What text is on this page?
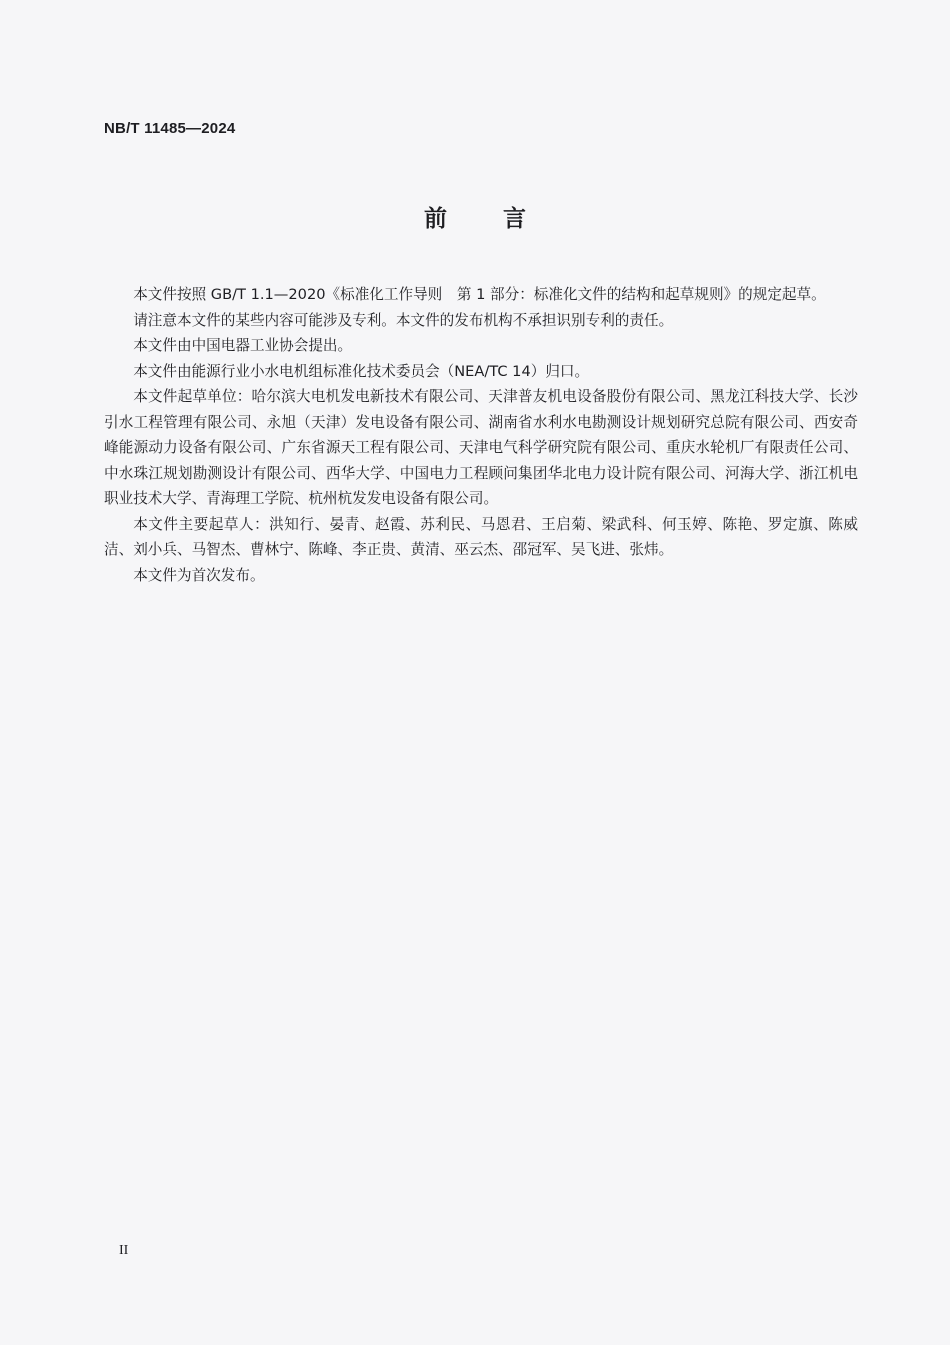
NB/T 11485—2024
前言

本文件按照 GB/T 1.1—2020《标准化工作导则　第 1 部分：标准化文件的结构和起草规则》的规定起草。

请注意本文件的某些内容可能涉及专利。本文件的发布机构不承担识别专利的责任。

本文件由中国电器工业协会提出。

本文件由能源行业小水电机组标准化技术委员会（NEA/TC 14）归口。

本文件起草单位：哈尔滨大电机发电新技术有限公司、天津普友机电设备股份有限公司、黑龙江科技大学、长沙引水工程管理有限公司、永旭（天津）发电设备有限公司、湖南省水利水电勘测设计规划研究总院有限公司、西安奇峰能源动力设备有限公司、广东省源天工程有限公司、天津电气科学研究院有限公司、重庆水轮机厂有限责任公司、中水珠江规划勘测设计有限公司、西华大学、中国电力工程顾问集团华北电力设计院有限公司、河海大学、浙江机电职业技术大学、青海理工学院、杭州杭发发电设备有限公司。

本文件主要起草人：洪知行、晏青、赵霞、苏利民、马恩君、王启菊、梁武科、何玉婷、陈艳、罗定旗、陈威洁、刘小兵、马智杰、曹林宁、陈峰、李正贵、黄清、巫云杰、邵冠军、吴飞进、张炜。

本文件为首次发布。

II
